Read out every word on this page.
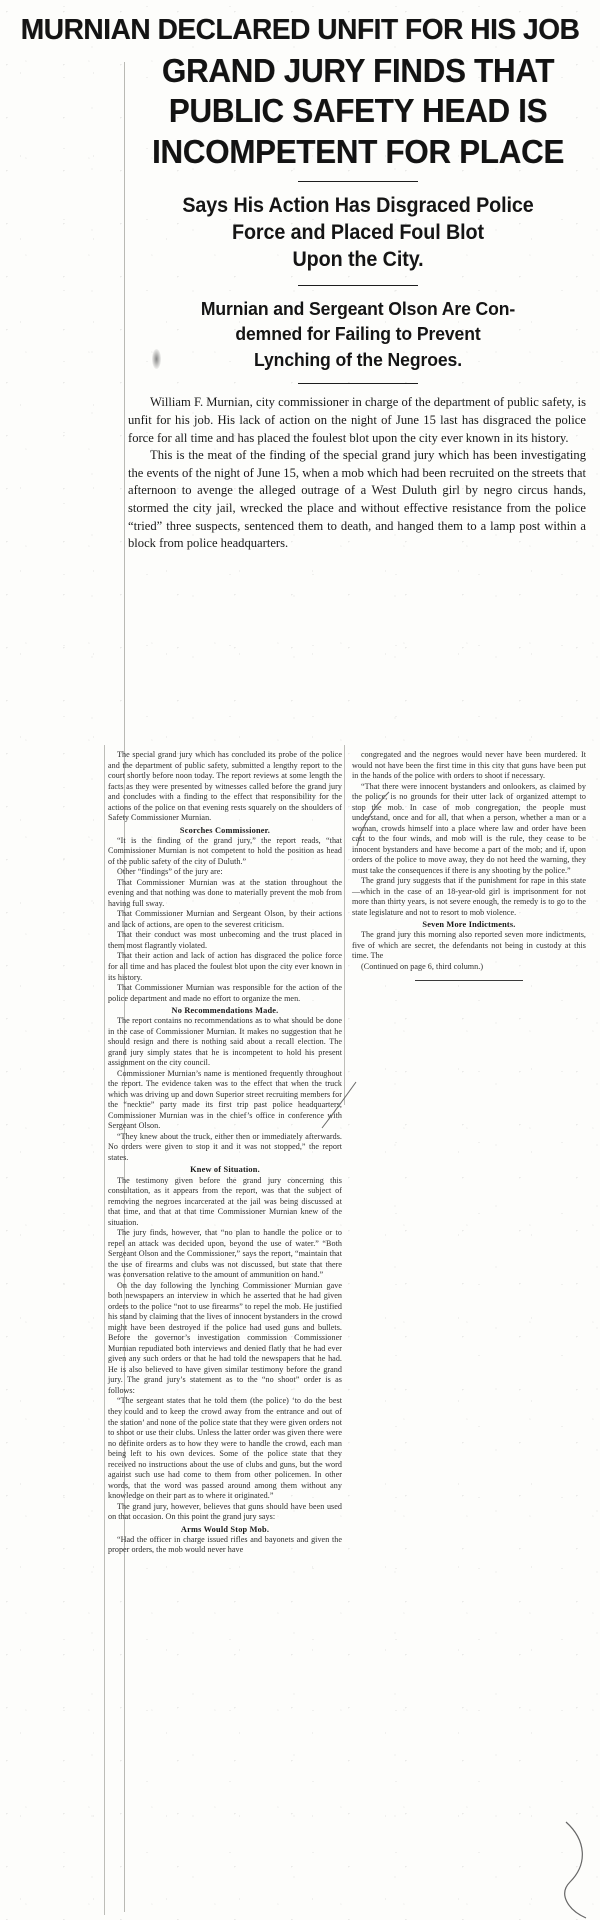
MURNIAN DECLARED UNFIT FOR HIS JOB
GRAND JURY FINDS THAT
PUBLIC SAFETY HEAD IS
INCOMPETENT FOR PLACE
Says His Action Has Disgraced Police
Force and Placed Foul Blot
Upon the City.
Murnian and Sergeant Olson Are Con-
demned for Failing to Prevent
Lynching of the Negroes.

William F. Murnian, city commissioner in charge of the department of public safety, is unfit for his job. His lack of action on the night of June 15 last has disgraced the police force for all time and has placed the foulest blot upon the city ever known in its history.

This is the meat of the finding of the special grand jury which has been investigating the events of the night of June 15, when a mob which had been recruited on the streets that afternoon to avenge the alleged outrage of a West Duluth girl by negro circus hands, stormed the city jail, wrecked the place and without effective resistance from the police “tried” three suspects, sentenced them to death, and hanged them to a lamp post within a block from police headquarters.

The special grand jury which has concluded its probe of the police and the department of public safety, submitted a lengthy report to the court shortly before noon today. The report reviews at some length the facts as they were presented by witnesses called before the grand jury and concludes with a finding to the effect that responsibility for the actions of the police on that evening rests squarely on the shoulders of Safety Commissioner Murnian.

Scorches Commissioner.

“It is the finding of the grand jury,” the report reads, “that Commissioner Murnian is not competent to hold the position as head of the public safety of the city of Duluth.”

Other “findings” of the jury are:

That Commissioner Murnian was at the station throughout the evening and that nothing was done to materially prevent the mob from having full sway.

That Commissioner Murnian and Sergeant Olson, by their actions and lack of actions, are open to the severest criticism.

That their conduct was most unbecoming and the trust placed in them most flagrantly violated.

That their action and lack of action has disgraced the police force for all time and has placed the foulest blot upon the city ever known in its history.

That Commissioner Murnian was responsible for the action of the police department and made no effort to organize the men.

No Recommendations Made.

The report contains no recommendations as to what should be done in the case of Commissioner Murnian. It makes no suggestion that he should resign and there is nothing said about a recall election. The grand jury simply states that he is incompetent to hold his present assignment on the city council.

Commissioner Murnian’s name is mentioned frequently throughout the report. The evidence taken was to the effect that when the truck which was driving up and down Superior street recruiting members for the “necktie” party made its first trip past police headquarters, Commissioner Murnian was in the chief’s office in conference with Sergeant Olson.

“They knew about the truck, either then or immediately afterwards. No orders were given to stop it and it was not stopped,” the report states.

Knew of Situation.

The testimony given before the grand jury concerning this consultation, as it appears from the report, was that the subject of removing the negroes incarcerated at the jail was being discussed at that time, and that at that time Commissioner Murnian knew of the situation.

The jury finds, however, that “no plan to handle the police or to repel an attack was decided upon, beyond the use of water.” “Both Sergeant Olson and the Commissioner,” says the report, “maintain that the use of firearms and clubs was not discussed, but state that there was conversation relative to the amount of ammunition on hand.”

On the day following the lynching Commissioner Murnian gave both newspapers an interview in which he asserted that he had given orders to the police “not to use firearms” to repel the mob. He justified his stand by claiming that the lives of innocent bystanders in the crowd might have been destroyed if the police had used guns and bullets. Before the governor’s investigation commission Commissioner Murnian repudiated both interviews and denied flatly that he had ever given any such orders or that he had told the newspapers that he had. He is also believed to have given similar testimony before the grand jury. The grand jury’s statement as to the “no shoot” order is as follows:

“The sergeant states that he told them (the police) ‘to do the best they could and to keep the crowd away from the entrance and out of the station’ and none of the police state that they were given orders not to shoot or use their clubs. Unless the latter order was given there were no definite orders as to how they were to handle the crowd, each man being left to his own devices. Some of the police state that they received no instructions about the use of clubs and guns, but the word against such use had come to them from other policemen. In other words, that the word was passed around among them without any knowledge on their part as to where it originated.”

The grand jury, however, believes that guns should have been used on that occasion. On this point the grand jury says:

Arms Would Stop Mob.

“Had the officer in charge issued rifles and bayonets and given the proper orders, the mob would never have

congregated and the negroes would never have been murdered. It would not have been the first time in this city that guns have been put in the hands of the police with orders to shoot if necessary.

“That there were innocent bystanders and onlookers, as claimed by the police, is no grounds for their utter lack of organized attempt to stop the mob. In case of mob congregation, the people must understand, once and for all, that when a person, whether a man or a woman, crowds himself into a place where law and order have been cast to the four winds, and mob will is the rule, they cease to be innocent bystanders and have become a part of the mob; and if, upon orders of the police to move away, they do not heed the warning, they must take the consequences if there is any shooting by the police.”

The grand jury suggests that if the punishment for rape in this state—which in the case of an 18-year-old girl is imprisonment for not more than thirty years, is not severe enough, the remedy is to go to the state legislature and not to resort to mob violence.

Seven More Indictments.

The grand jury this morning also reported seven more indictments, five of which are secret, the defendants not being in custody at this time. The

(Continued on page 6, third column.)
